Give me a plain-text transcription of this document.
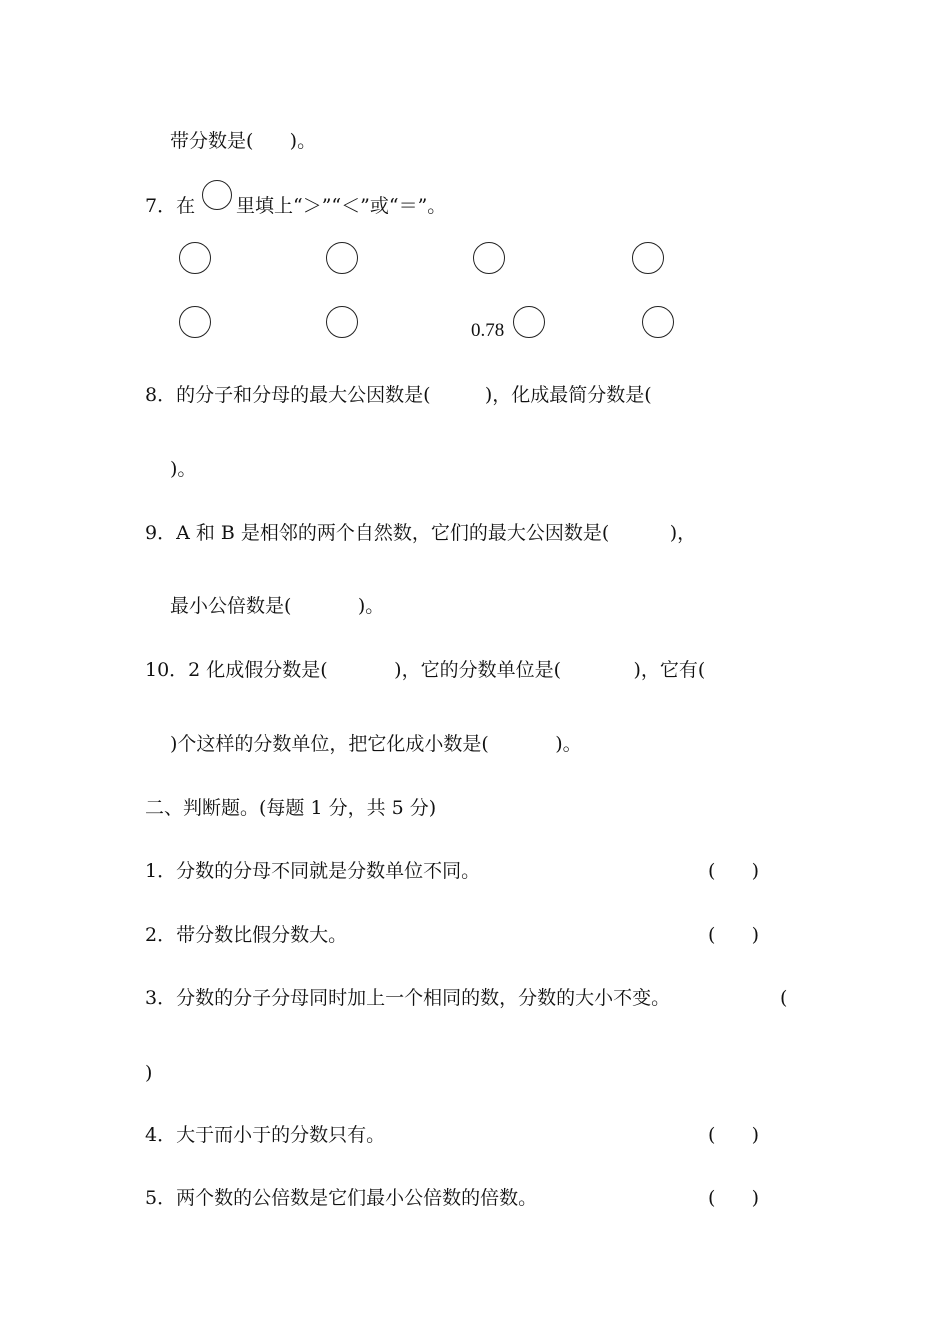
带分数是(      )。
7．在 里填上“＞”“＜”或“＝”。
0.78
8．的分子和分母的最大公因数是(         )，化成最简分数是(
)。
9．A 和 B 是相邻的两个自然数，它们的最大公因数是(          )，
最小公倍数是(           )。
10．2 化成假分数是(           )，它的分数单位是(            )，它有(
)个这样的分数单位，把它化成小数是(           )。
二、判断题。(每题 1 分，共 5 分)
1．分数的分母不同就是分数单位不同。	(      )
2．带分数比假分数大。	(      )
3．分数的分子分母同时加上一个相同的数，分数的大小不变。	(
)
4．大于而小于的分数只有。	(      )
5．两个数的公倍数是它们最小公倍数的倍数。	(      )
